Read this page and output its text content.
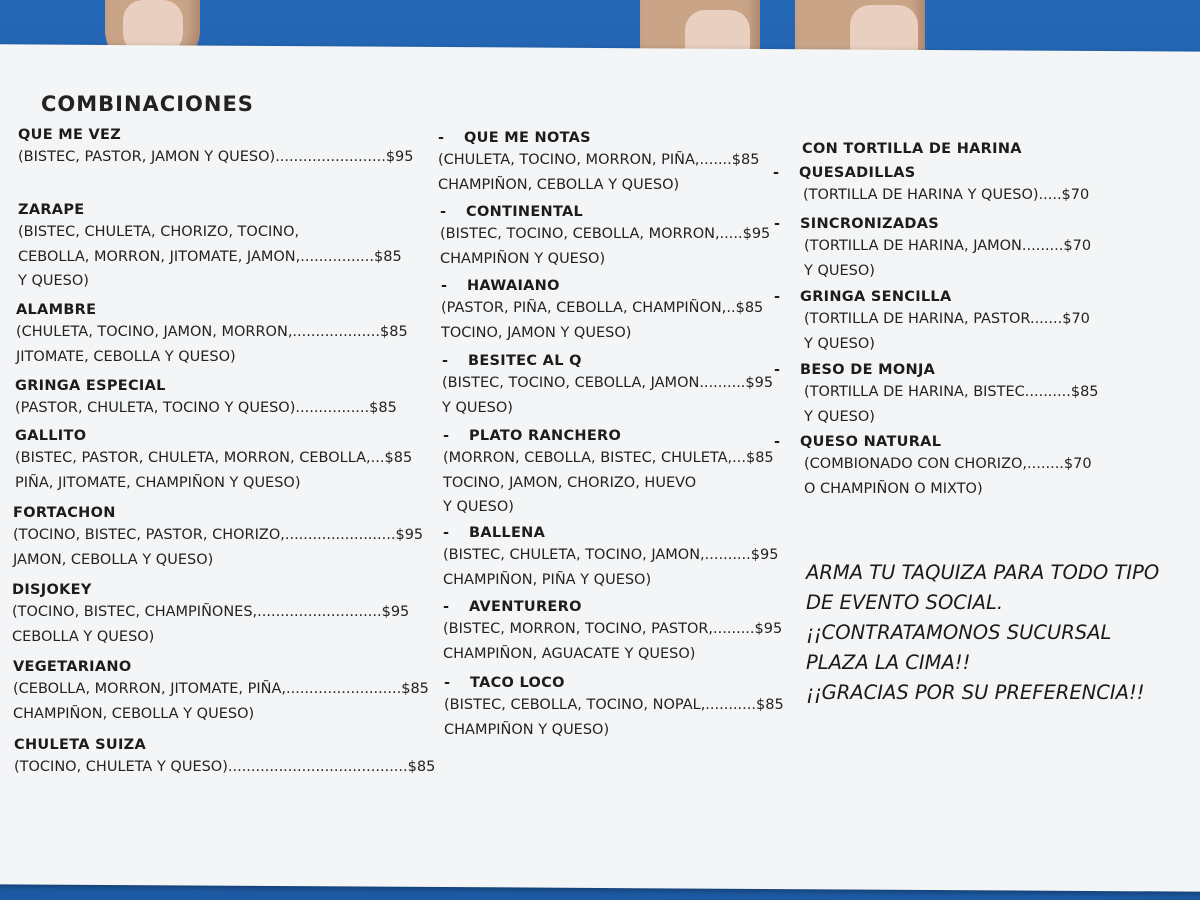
COMBINACIONES
QUE ME VEZ
(BISTEC, PASTOR, JAMON Y QUESO)........................$95
ZARAPE
(BISTEC, CHULETA, CHORIZO, TOCINO,
CEBOLLA, MORRON, JITOMATE, JAMON,................$85
Y QUESO)
ALAMBRE
(CHULETA, TOCINO, JAMON, MORRON,...................$85
JITOMATE, CEBOLLA Y QUESO)
GRINGA ESPECIAL
(PASTOR, CHULETA, TOCINO Y QUESO)................$85
GALLITO
(BISTEC, PASTOR, CHULETA, MORRON, CEBOLLA,...$85
PIÑA, JITOMATE, CHAMPIÑON Y QUESO)
FORTACHON
(TOCINO, BISTEC, PASTOR, CHORIZO,........................$95
JAMON, CEBOLLA Y QUESO)
DISJOKEY
(TOCINO, BISTEC, CHAMPIÑONES,...........................$95
CEBOLLA Y QUESO)
VEGETARIANO
(CEBOLLA, MORRON, JITOMATE, PIÑA,.........................$85
CHAMPIÑON, CEBOLLA Y QUESO)
CHULETA SUIZA
(TOCINO, CHULETA Y QUESO).......................................$85
- QUE ME NOTAS
(CHULETA, TOCINO, MORRON, PIÑA,.......$85
CHAMPIÑON, CEBOLLA Y QUESO)
- CONTINENTAL
(BISTEC, TOCINO, CEBOLLA, MORRON,.....$95
CHAMPIÑON Y QUESO)
- HAWAIANO
(PASTOR, PIÑA, CEBOLLA, CHAMPIÑON,..$85
TOCINO, JAMON Y QUESO)
- BESITEC AL Q
(BISTEC, TOCINO, CEBOLLA, JAMON..........$95
Y QUESO)
- PLATO RANCHERO
(MORRON, CEBOLLA, BISTEC, CHULETA,...$85
TOCINO, JAMON, CHORIZO, HUEVO
Y QUESO)
- BALLENA
(BISTEC, CHULETA, TOCINO, JAMON,..........$95
CHAMPIÑON, PIÑA Y QUESO)
- AVENTURERO
(BISTEC, MORRON, TOCINO, PASTOR,.........$95
CHAMPIÑON, AGUACATE Y QUESO)
- TACO LOCO
(BISTEC, CEBOLLA, TOCINO, NOPAL,...........$85
CHAMPIÑON Y QUESO)
CON TORTILLA DE HARINA
- QUESADILLAS
(TORTILLA DE HARINA Y QUESO).....$70
- SINCRONIZADAS
(TORTILLA DE HARINA, JAMON.........$70
Y QUESO)
- GRINGA SENCILLA
(TORTILLA DE HARINA, PASTOR.......$70
Y QUESO)
- BESO DE MONJA
(TORTILLA DE HARINA, BISTEC..........$85
Y QUESO)
- QUESO NATURAL
(COMBIONADO CON CHORIZO,........$70
O CHAMPIÑON O MIXTO)
ARMA TU TAQUIZA PARA TODO TIPO
DE EVENTO SOCIAL.
¡¡CONTRATAMONOS SUCURSAL
PLAZA LA CIMA!!
¡¡GRACIAS POR SU PREFERENCIA!!
